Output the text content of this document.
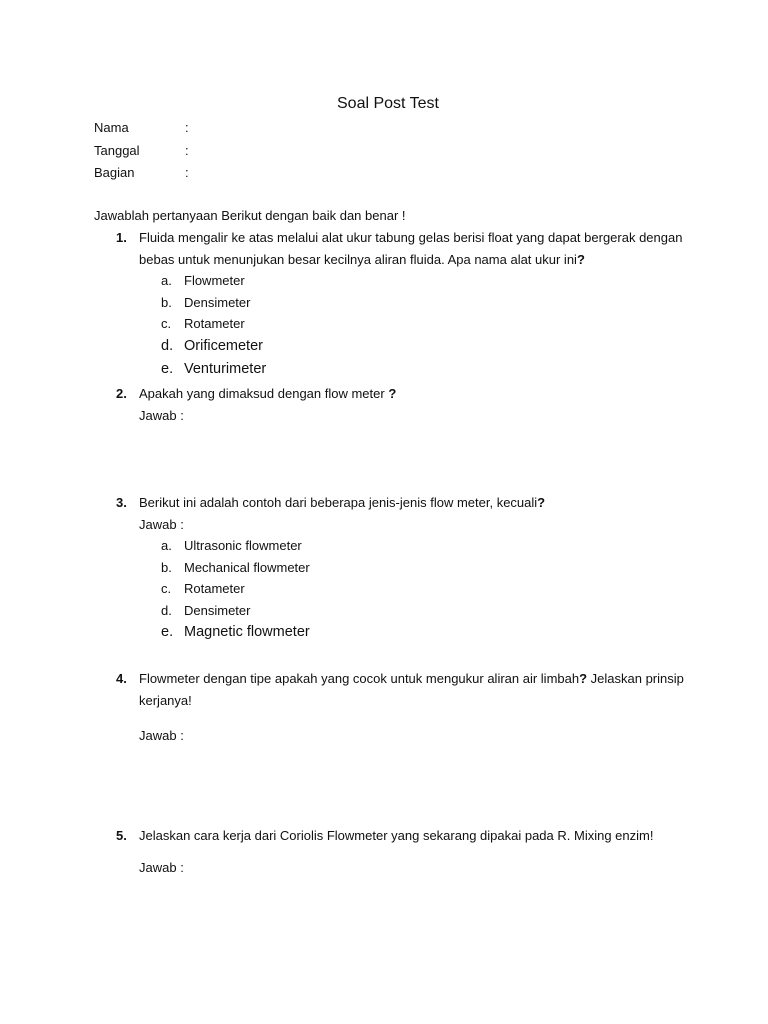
Soal Post Test
Nama	:
Tanggal	:
Bagian	:
Jawablah pertanyaan Berikut dengan baik dan benar !
1. Fluida mengalir ke atas melalui alat ukur tabung gelas berisi float yang dapat bergerak dengan bebas untuk menunjukan besar kecilnya aliran fluida. Apa nama alat ukur ini?
a. Flowmeter
b. Densimeter
c. Rotameter
d. Orificemeter
e. Venturimeter
2. Apakah yang dimaksud dengan flow meter ?
Jawab :
3. Berikut ini adalah contoh dari beberapa jenis-jenis flow meter, kecuali?
Jawab :
a. Ultrasonic flowmeter
b. Mechanical flowmeter
c. Rotameter
d. Densimeter
e. Magnetic flowmeter
4. Flowmeter dengan tipe apakah yang cocok untuk mengukur aliran air limbah? Jelaskan prinsip kerjanya!
Jawab :
5. Jelaskan cara kerja dari Coriolis Flowmeter yang sekarang dipakai pada R. Mixing enzim!
Jawab :
